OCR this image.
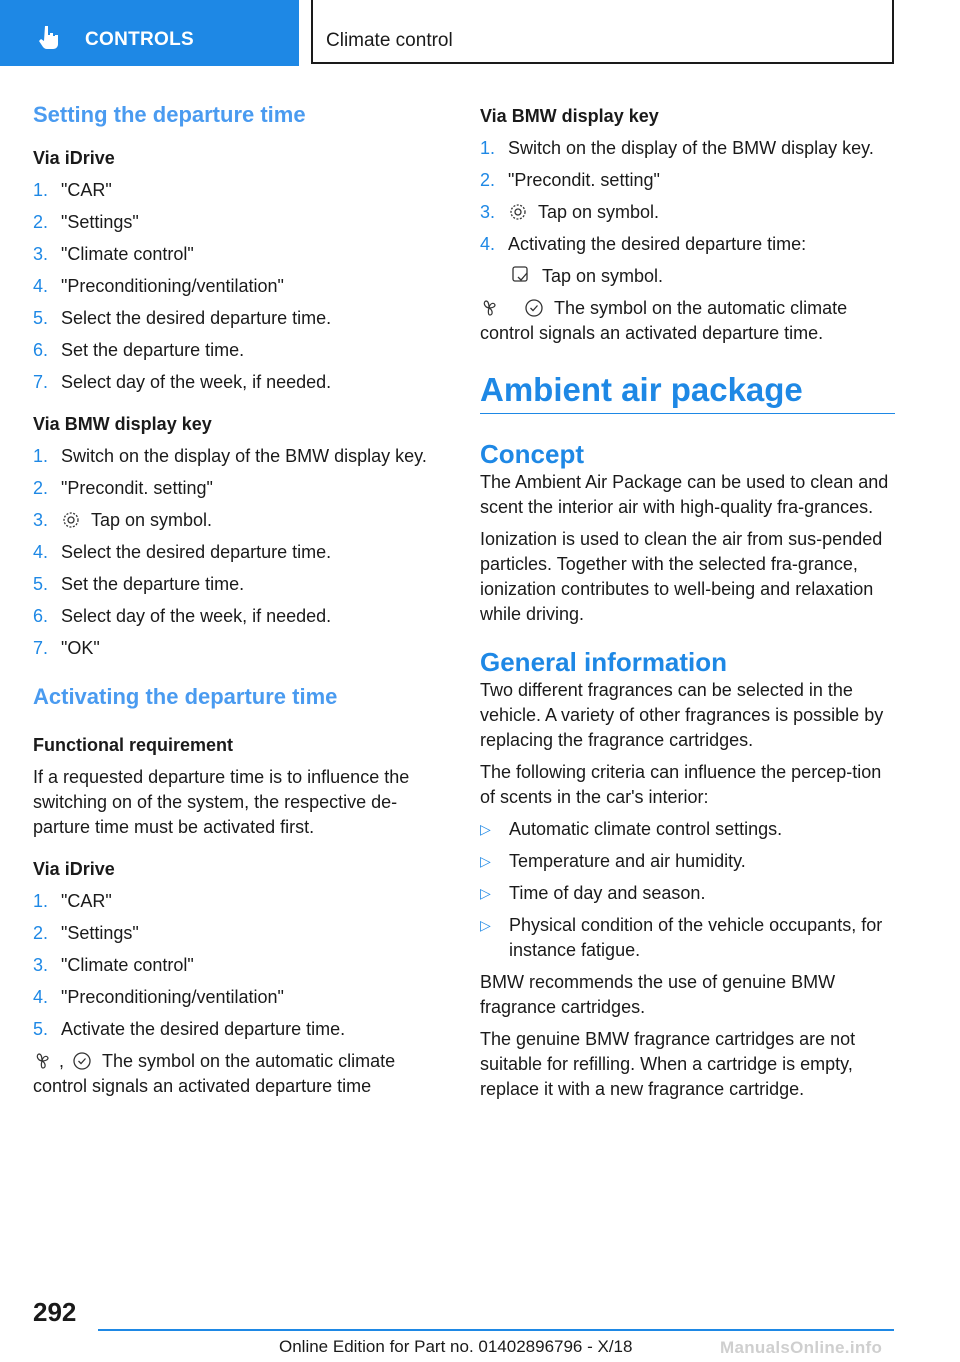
CONTROLS	Climate control
Setting the departure time
Via iDrive
1. "CAR"
2. "Settings"
3. "Climate control"
4. "Preconditioning/ventilation"
5. Select the desired departure time.
6. Set the departure time.
7. Select day of the week, if needed.
Via BMW display key
1. Switch on the display of the BMW display key.
2. "Precondit. setting"
3. Tap on symbol.
4. Select the desired departure time.
5. Set the departure time.
6. Select day of the week, if needed.
7. "OK"
Activating the departure time
Functional requirement

If a requested departure time is to influence the switching on of the system, the respective de‐parture time must be activated first.

Via iDrive
1. "CAR"
2. "Settings"
3. "Climate control"
4. "Preconditioning/ventilation"
5. Activate the desired departure time.

, The symbol on the automatic climate control signals an activated departure time

Via BMW display key
1. Switch on the display of the BMW display key.
2. "Precondit. setting"
3. Tap on symbol.
4. Activating the desired departure time:
Tap on symbol.

The symbol on the automatic climate control signals an activated departure time.

Ambient air package
Concept

The Ambient Air Package can be used to clean and scent the interior air with high-quality fra‐grances.

Ionization is used to clean the air from sus‐pended particles. Together with the selected fra‐grance, ionization contributes to well-being and relaxation while driving.

General information

Two different fragrances can be selected in the vehicle. A variety of other fragrances is possible by replacing the fragrance cartridges.

The following criteria can influence the percep‐tion of scents in the car's interior:

▷ Automatic climate control settings.
▷ Temperature and air humidity.
▷ Time of day and season.
▷ Physical condition of the vehicle occupants, for instance fatigue.

BMW recommends the use of genuine BMW fragrance cartridges.

The genuine BMW fragrance cartridges are not suitable for refilling. When a cartridge is empty, replace it with a new fragrance cartridge.

292
Online Edition for Part no. 01402896796 - X/18	ManualsOnline.info
